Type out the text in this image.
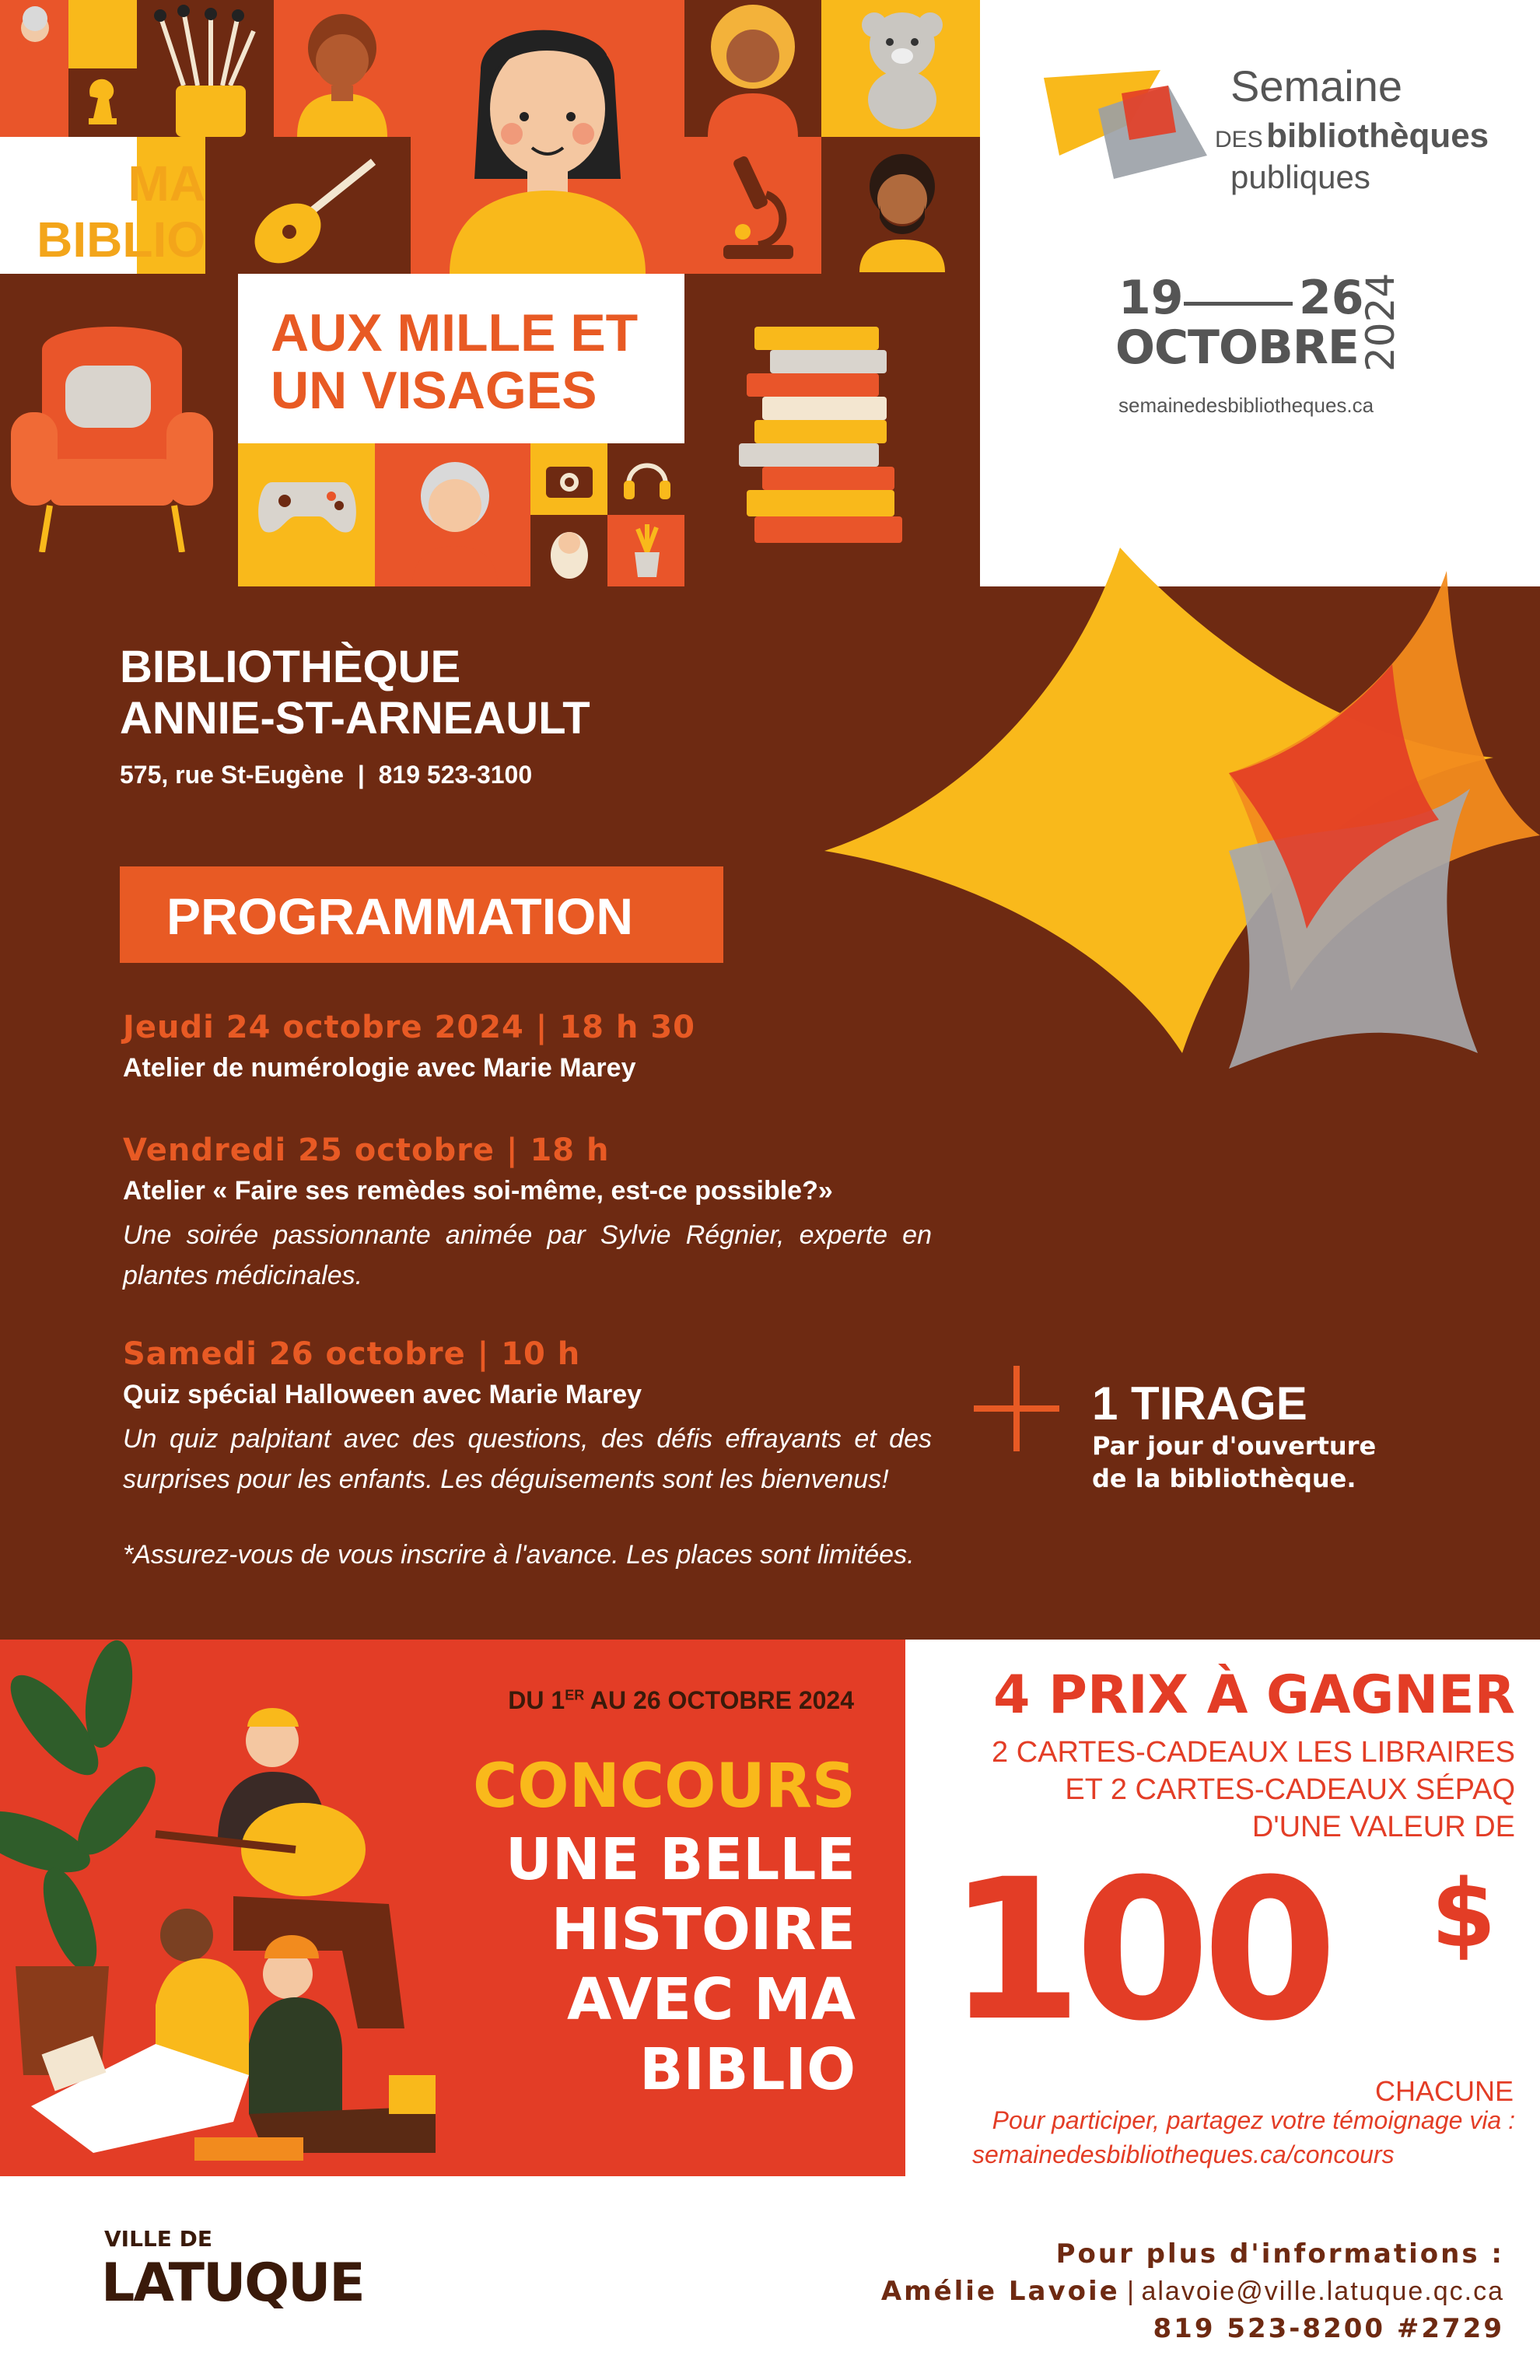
MA
BIBLIO
AUX MILLE ET
UN VISAGES
Semaine
DES bibliothèques
publiques
19 26
OCTOBRE 2024
semainedesbibliotheques.ca
BIBLIOTHÈQUE
ANNIE-ST-ARNEAULT
575, rue St-Eugène  |  819 523-3100
PROGRAMMATION
Jeudi 24 octobre 2024 | 18 h 30
Atelier de numérologie avec Marie Marey
Vendredi 25 octobre | 18 h
Atelier « Faire ses remèdes soi-même, est-ce possible?»
Une soirée passionnante animée par Sylvie Régnier, experte en plantes médicinales.
Samedi 26 octobre | 10 h
Quiz spécial Halloween avec Marie Marey
Un quiz palpitant avec des questions, des défis effrayants et des surprises pour les enfants. Les déguisements sont les bienvenus!
*Assurez-vous de vous inscrire à l'avance. Les places sont limitées.
1 TIRAGE
Par jour d'ouverture
de la bibliothèque.
DU 1ER AU 26 OCTOBRE 2024
CONCOURS
UNE BELLE
HISTOIRE
AVEC MA
BIBLIO
4 PRIX À GAGNER
2 CARTES-CADEAUX LES LIBRAIRES
ET 2 CARTES-CADEAUX SÉPAQ
D'UNE VALEUR DE
100 $
CHACUNE
Pour participer, partagez votre témoignage via :
semainedesbibliotheques.ca/concours
VILLE DE
LATUQUE	Pour plus d'informations :
Amélie Lavoie | alavoie@ville.latuque.qc.ca
819 523-8200 #2729
